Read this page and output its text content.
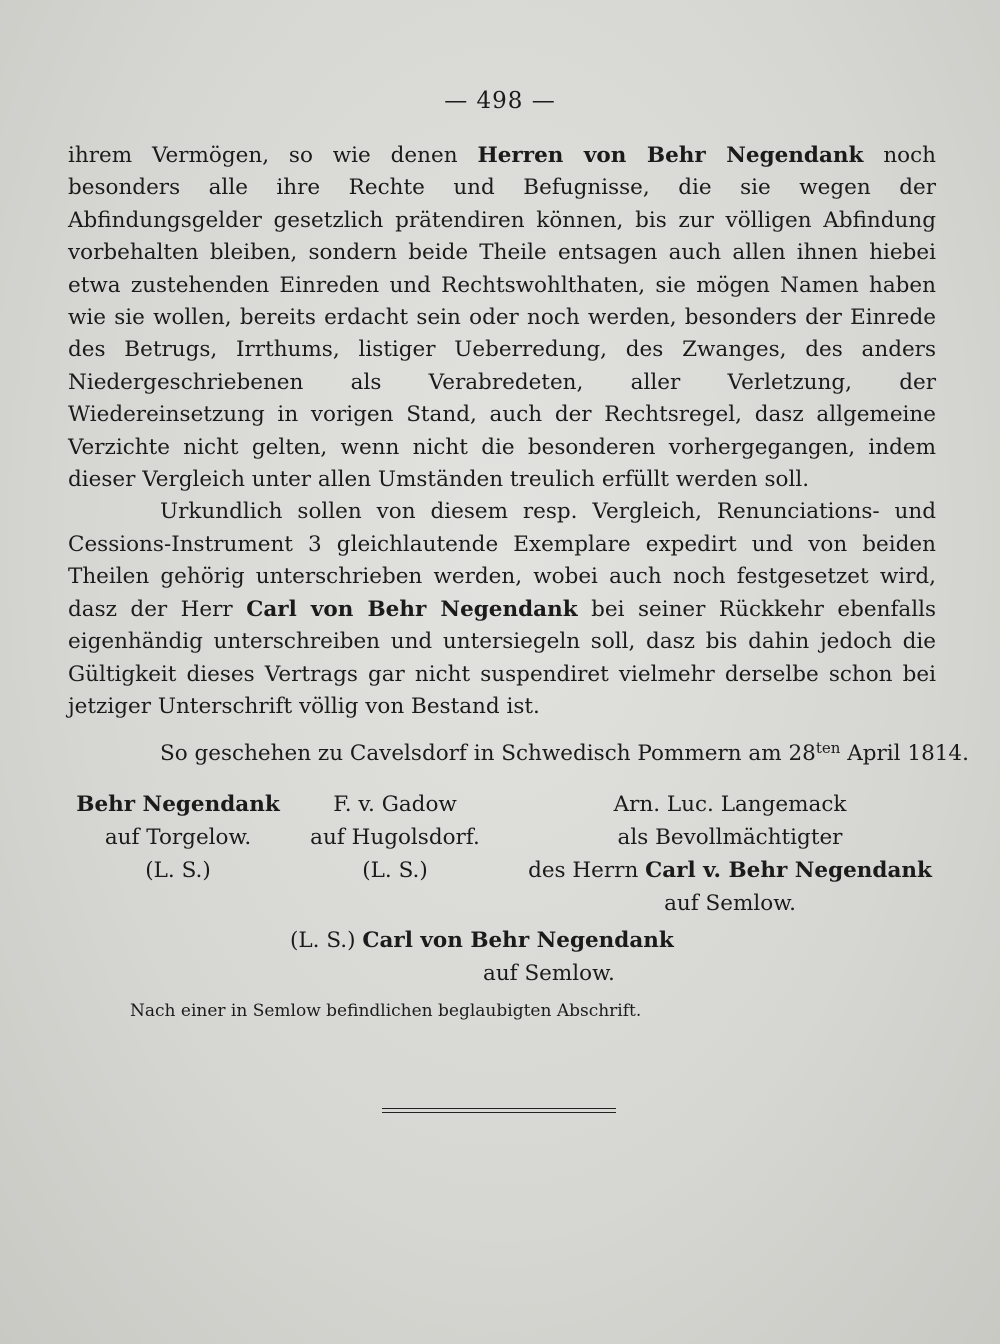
— 498 —

ihrem Vermögen, so wie denen Herren von Behr Negendank noch besonders alle ihre Rechte und Befugnisse, die sie wegen der Abfindungsgelder gesetzlich prätendiren können, bis zur völligen Abfindung vorbehalten bleiben, sondern beide Theile entsagen auch allen ihnen hiebei etwa zustehenden Einreden und Rechtswohlthaten, sie mögen Namen haben wie sie wollen, bereits erdacht sein oder noch werden, besonders der Einrede des Betrugs, Irrthums, listiger Ueberredung, des Zwanges, des anders Niedergeschriebenen als Verabredeten, aller Verletzung, der Wiedereinsetzung in vorigen Stand, auch der Rechtsregel, dasz allgemeine Verzichte nicht gelten, wenn nicht die besonderen vorhergegangen, indem dieser Vergleich unter allen Umständen treulich erfüllt werden soll.

Urkundlich sollen von diesem resp. Vergleich, Renunciations- und Cessions-Instrument 3 gleichlautende Exemplare expedirt und von beiden Theilen gehörig unterschrieben werden, wobei auch noch festgesetzet wird, dasz der Herr Carl von Behr Negendank bei seiner Rückkehr ebenfalls eigenhändig unterschreiben und untersiegeln soll, dasz bis dahin jedoch die Gültigkeit dieses Vertrags gar nicht suspendiret vielmehr derselbe schon bei jetziger Unterschrift völlig von Bestand ist.

So geschehen zu Cavelsdorf in Schwedisch Pommern am $28^{ten}$ April 1814.
Behr Negendank
auf Torgelow.
(L. S.)
F. v. Gadow
auf Hugolsdorf.
(L. S.)
Arn. Luc. Langemack
als Bevollmächtigter
des Herrn Carl v. Behr Negendank
auf Semlow.
(L. S.) Carl von Behr Negendank
auf Semlow.
Nach einer in Semlow befindlichen beglaubigten Abschrift.
